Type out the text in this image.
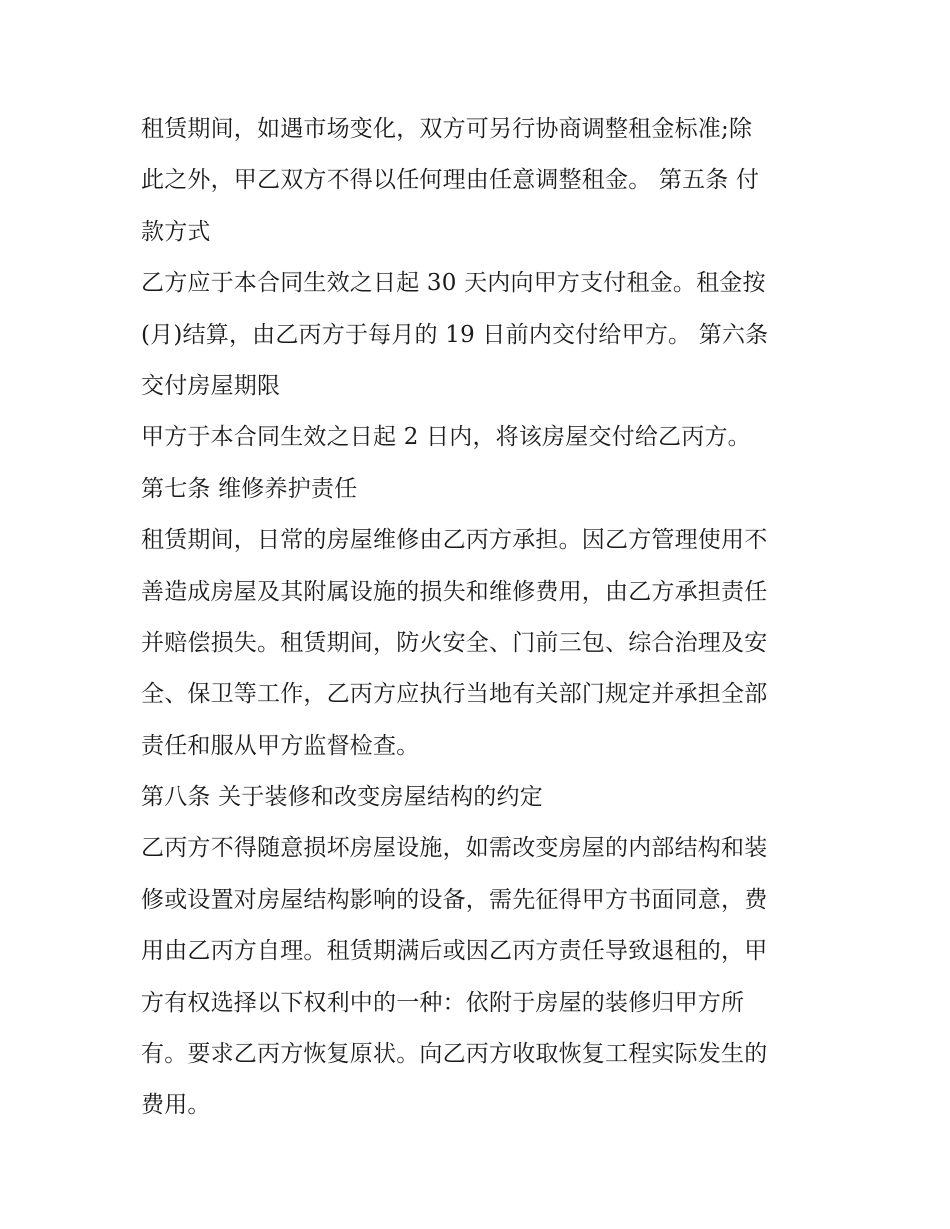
租赁期间，如遇市场变化，双方可另行协商调整租金标准;除
此之外，甲乙双方不得以任何理由任意调整租金。 第五条 付
款方式
乙方应于本合同生效之日起 30 天内向甲方支付租金。租金按
(月)结算，由乙丙方于每月的 19 日前内交付给甲方。 第六条
交付房屋期限
甲方于本合同生效之日起 2 日内，将该房屋交付给乙丙方。
第七条 维修养护责任
租赁期间，日常的房屋维修由乙丙方承担。因乙方管理使用不
善造成房屋及其附属设施的损失和维修费用，由乙方承担责任
并赔偿损失。租赁期间，防火安全、门前三包、综合治理及安
全、保卫等工作，乙丙方应执行当地有关部门规定并承担全部
责任和服从甲方监督检查。
第八条 关于装修和改变房屋结构的约定
乙丙方不得随意损坏房屋设施，如需改变房屋的内部结构和装
修或设置对房屋结构影响的设备，需先征得甲方书面同意，费
用由乙丙方自理。租赁期满后或因乙丙方责任导致退租的，甲
方有权选择以下权利中的一种：依附于房屋的装修归甲方所
有。要求乙丙方恢复原状。向乙丙方收取恢复工程实际发生的
费用。
